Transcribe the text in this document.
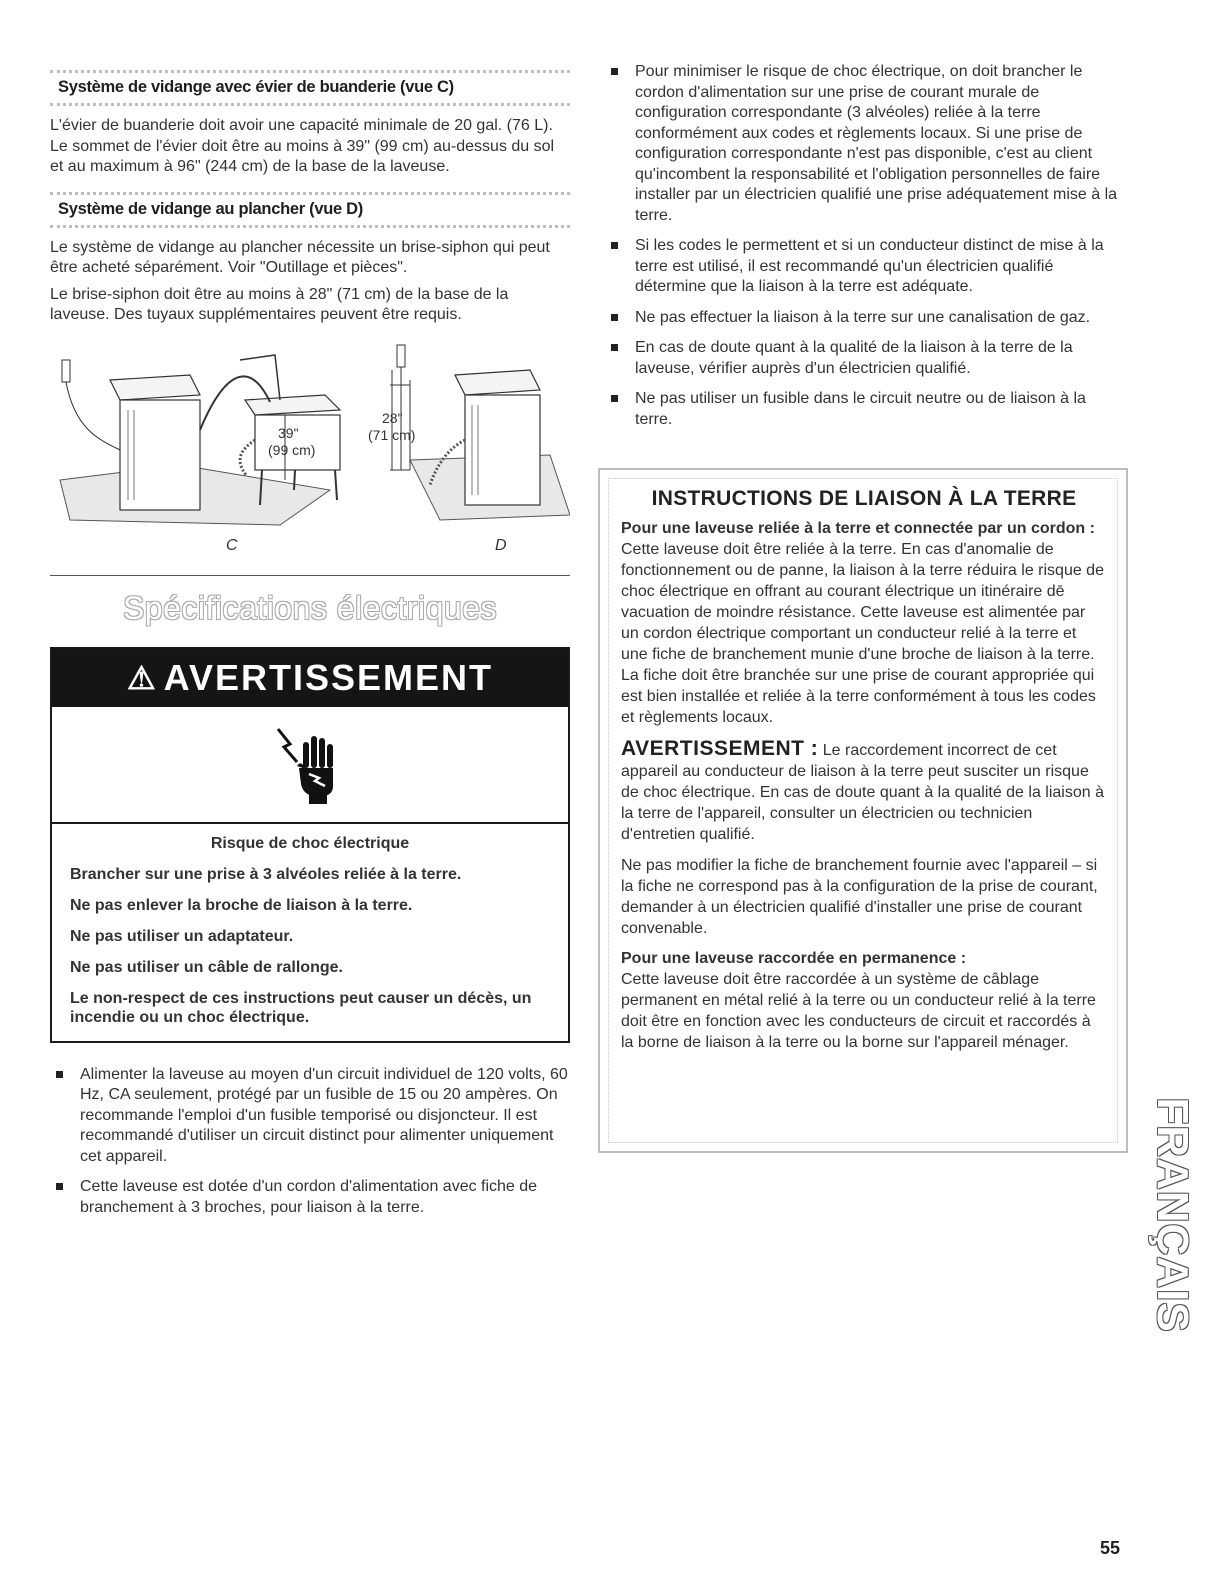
Système de vidange avec évier de buanderie (vue C)

L'évier de buanderie doit avoir une capacité minimale de 20 gal. (76 L). Le sommet de l'évier doit être au moins à 39" (99 cm) au-dessus du sol et au maximum à 96" (244 cm) de la base de la laveuse.

Système de vidange au plancher (vue D)

Le système de vidange au plancher nécessite un brise-siphon qui peut être acheté séparément. Voir "Outillage et pièces".

Le brise-siphon doit être au moins à 28" (71 cm) de la base de la laveuse. Des tuyaux supplémentaires peuvent être requis.

39"
(99 cm)
28"
(71 cm)
C	D
Spécifications électriques
⚠ AVERTISSEMENT
Risque de choc électrique
Brancher sur une prise à 3 alvéoles reliée à la terre.
Ne pas enlever la broche de liaison à la terre.
Ne pas utiliser un adaptateur.
Ne pas utiliser un câble de rallonge.
Le non-respect de ces instructions peut causer un décès, un incendie ou un choc électrique.
Alimenter la laveuse au moyen d'un circuit individuel de 120 volts, 60 Hz, CA seulement, protégé par un fusible de 15 ou 20 ampères. On recommande l'emploi d'un fusible temporisé ou disjoncteur. Il est recommandé d'utiliser un circuit distinct pour alimenter uniquement cet appareil.
Cette laveuse est dotée d'un cordon d'alimentation avec fiche de branchement à 3 broches, pour liaison à la terre.
Pour minimiser le risque de choc électrique, on doit brancher le cordon d'alimentation sur une prise de courant murale de configuration correspondante (3 alvéoles) reliée à la terre conformément aux codes et règlements locaux. Si une prise de configuration correspondante n'est pas disponible, c'est au client qu'incombent la responsabilité et l'obligation personnelles de faire installer par un électricien qualifié une prise adéquatement mise à la terre.
Si les codes le permettent et si un conducteur distinct de mise à la terre est utilisé, il est recommandé qu'un électricien qualifié détermine que la liaison à la terre est adéquate.
Ne pas effectuer la liaison à la terre sur une canalisation de gaz.
En cas de doute quant à la qualité de la liaison à la terre de la laveuse, vérifier auprès d'un électricien qualifié.
Ne pas utiliser un fusible dans le circuit neutre ou de liaison à la terre.
INSTRUCTIONS DE LIAISON À LA TERRE
Pour une laveuse reliée à la terre et connectée par un cordon :

Cette laveuse doit être reliée à la terre. En cas d'anomalie de fonctionnement ou de panne, la liaison à la terre réduira le risque de choc électrique en offrant au courant électrique un itinéraire dē vacuation de moindre résistance. Cette laveuse est alimentée par un cordon électrique comportant un conducteur relié à la terre et une fiche de branchement munie d'une broche de liaison à la terre. La fiche doit être branchée sur une prise de courant appropriée qui est bien installée et reliée à la terre conformément à tous les codes et règlements locaux.

AVERTISSEMENT : Le raccordement incorrect de cet appareil au conducteur de liaison à la terre peut susciter un risque de choc électrique. En cas de doute quant à la qualité de la liaison à la terre de l'appareil, consulter un électricien ou technicien d'entretien qualifié.

Ne pas modifier la fiche de branchement fournie avec l'appareil – si la fiche ne correspond pas à la configuration de la prise de courant, demander à un électricien qualifié d'installer une prise de courant convenable.

Pour une laveuse raccordée en permanence :

Cette laveuse doit être raccordée à un système de câblage permanent en métal relié à la terre ou un conducteur relié à la terre doit être en fonction avec les conducteurs de circuit et raccordés à la borne de liaison à la terre ou la borne sur l'appareil ménager.

FRANÇAIS
55
